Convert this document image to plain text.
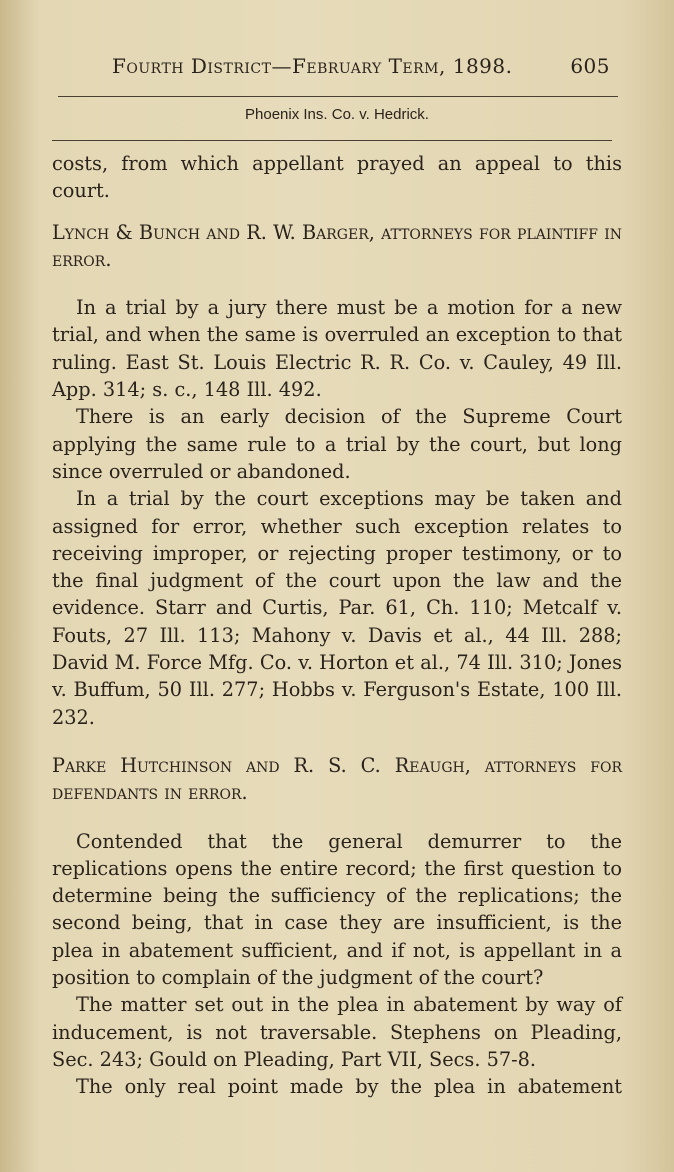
Fourth District—February Term, 1898.	605
Phoenix Ins. Co. v. Hedrick.

costs, from which appellant prayed an appeal to this court.

Lynch & Bunch and R. W. Barger, attorneys for plaintiff in error.

In a trial by a jury there must be a motion for a new trial, and when the same is overruled an exception to that ruling. East St. Louis Electric R. R. Co. v. Cauley, 49 Ill. App. 314; s. c., 148 Ill. 492.

There is an early decision of the Supreme Court applying the same rule to a trial by the court, but long since overruled or abandoned.

In a trial by the court exceptions may be taken and assigned for error, whether such exception relates to receiving improper, or rejecting proper testimony, or to the final judgment of the court upon the law and the evidence. Starr and Curtis, Par. 61, Ch. 110; Metcalf v. Fouts, 27 Ill. 113; Mahony v. Davis et al., 44 Ill. 288; David M. Force Mfg. Co. v. Horton et al., 74 Ill. 310; Jones v. Buffum, 50 Ill. 277; Hobbs v. Ferguson's Estate, 100 Ill. 232.

Parke Hutchinson and R. S. C. Reaugh, attorneys for defendants in error.

Contended that the general demurrer to the replications opens the entire record; the first question to determine being the sufficiency of the replications; the second being, that in case they are insufficient, is the plea in abatement sufficient, and if not, is appellant in a position to complain of the judgment of the court?

The matter set out in the plea in abatement by way of inducement, is not traversable. Stephens on Pleading, Sec. 243; Gould on Pleading, Part VII, Secs. 57-8.

The only real point made by the plea in abatement
